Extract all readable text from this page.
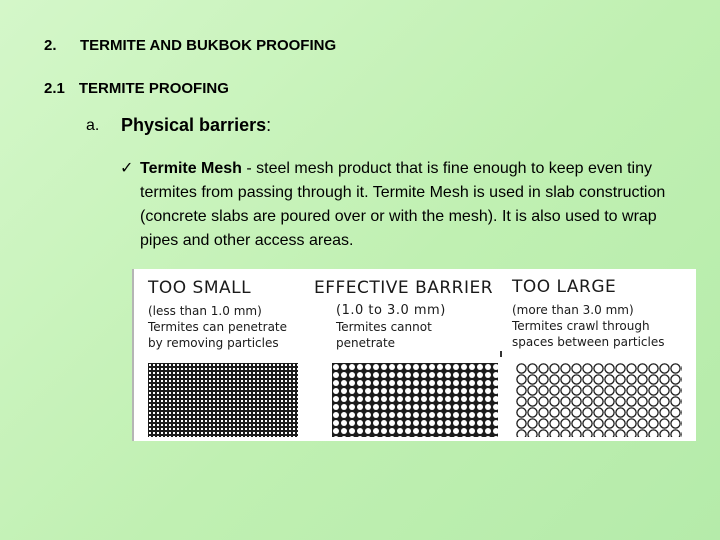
2. TERMITE AND BUKBOK PROOFING
2.1 TERMITE PROOFING
a. Physical barriers:
✓ Termite Mesh - steel mesh product that is fine enough to keep even tiny termites from passing through it. Termite Mesh is used in slab construction (concrete slabs are poured over or with the mesh). It is also used to wrap pipes and other access areas.
TOO SMALL
(less than 1.0 mm)
Termites can penetrate
by removing particles
EFFECTIVE BARRIER
(1.0 to 3.0 mm)
Termites cannot
penetrate
TOO LARGE
(more than 3.0 mm)
Termites crawl through
spaces between particles
